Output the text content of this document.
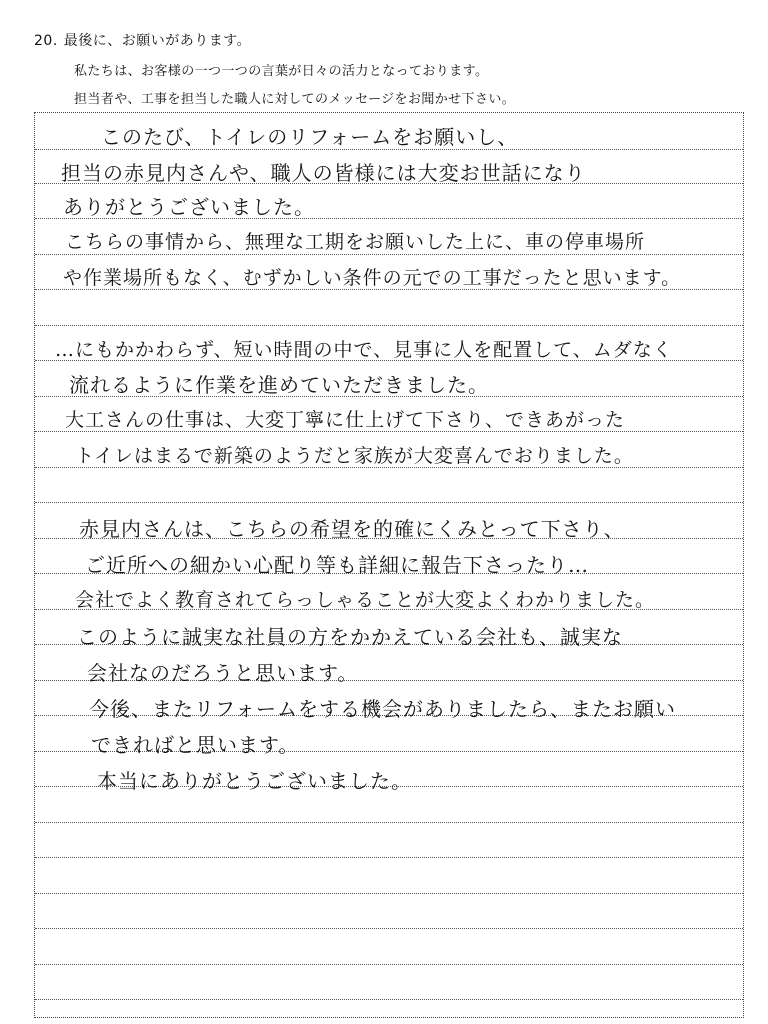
20. 最後に、お願いがあります。
私たちは、お客様の一つ一つの言葉が日々の活力となっております。
担当者や、工事を担当した職人に対してのメッセージをお聞かせ下さい。
このたび、トイレのリフォームをお願いし、
担当の赤見内さんや、職人の皆様には大変お世話になり
ありがとうございました。
こちらの事情から、無理な工期をお願いした上に、車の停車場所
や作業場所もなく、むずかしい条件の元での工事だったと思います。
…にもかかわらず、短い時間の中で、見事に人を配置して、ムダなく
流れるように作業を進めていただきました。
大工さんの仕事は、大変丁寧に仕上げて下さり、できあがった
トイレはまるで新築のようだと家族が大変喜んでおりました。
赤見内さんは、こちらの希望を的確にくみとって下さり、
ご近所への細かい心配り等も詳細に報告下さったり…
会社でよく教育されてらっしゃることが大変よくわかりました。
このように誠実な社員の方をかかえている会社も、誠実な
会社なのだろうと思います。
今後、またリフォームをする機会がありましたら、またお願い
できればと思います。
本当にありがとうございました。
